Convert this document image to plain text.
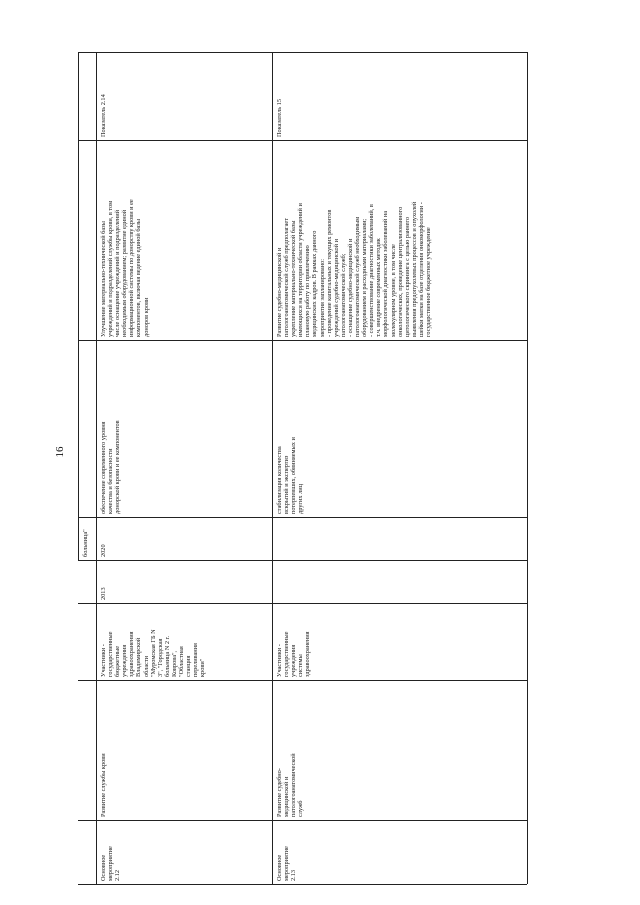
16
больница"
Основное
мероприятие
2.12
Развитие службы крови
Участники -
государственные
бюджетные
учреждения
здравоохранения
Владимирской
области
"Муромская ГБ N
3", "Городская
больница N 2 г.
Коврова",
"Областная
станция
переливания
крови"
2013
2020
обеспечение современного уровня
качества и безопасности
донорской крови и ее компонентов
Улучшение материально-технической базы
учреждений и подразделений службы крови, в том
числе оснащение учреждений и подразделений
необходимым оборудованием; развитие единой
информационной системы по донорству крови и ее
компонентов, включая ведение единой базы
доноров крови
Показатель 2.14
Основное
мероприятие
2.13
Развитие судебно-
медицинской и
патологоанатомической
служб
Участники -
государственные
учреждения
системы
здравоохранения
стабилизация количества
вскрытий и экспертиз
потерпевших, обвиняемых и
других лиц
Развитие судебно-медицинской и
патологоанатомической служб предполагает
укрепление материально-технической базы
имеющихся на территории области учреждений и
плановую работу по привлечению
медицинских кадров. В рамках данного
мероприятия запланировано:
- проведение капитальных и текущих ремонтов
учреждений судебно-медицинской и
патологоанатомической служб;
- оснащение судебно-медицинской и
патологоанатомической служб необходимым
оборудованием и расходными материалами;
- совершенствование диагностики заболеваний, в
т.ч. внедрение современных методик
морфологической диагностики заболеваний на
молекулярном уровне, в том числе
онкологических, проведение централизованного
цитологического скрининга с целью раннего
выявления предопухолевых процессов и опухолей
шейки матки на базе отделения онкоморфологии -
государственное бюджетное учреждение
Показатель 15
